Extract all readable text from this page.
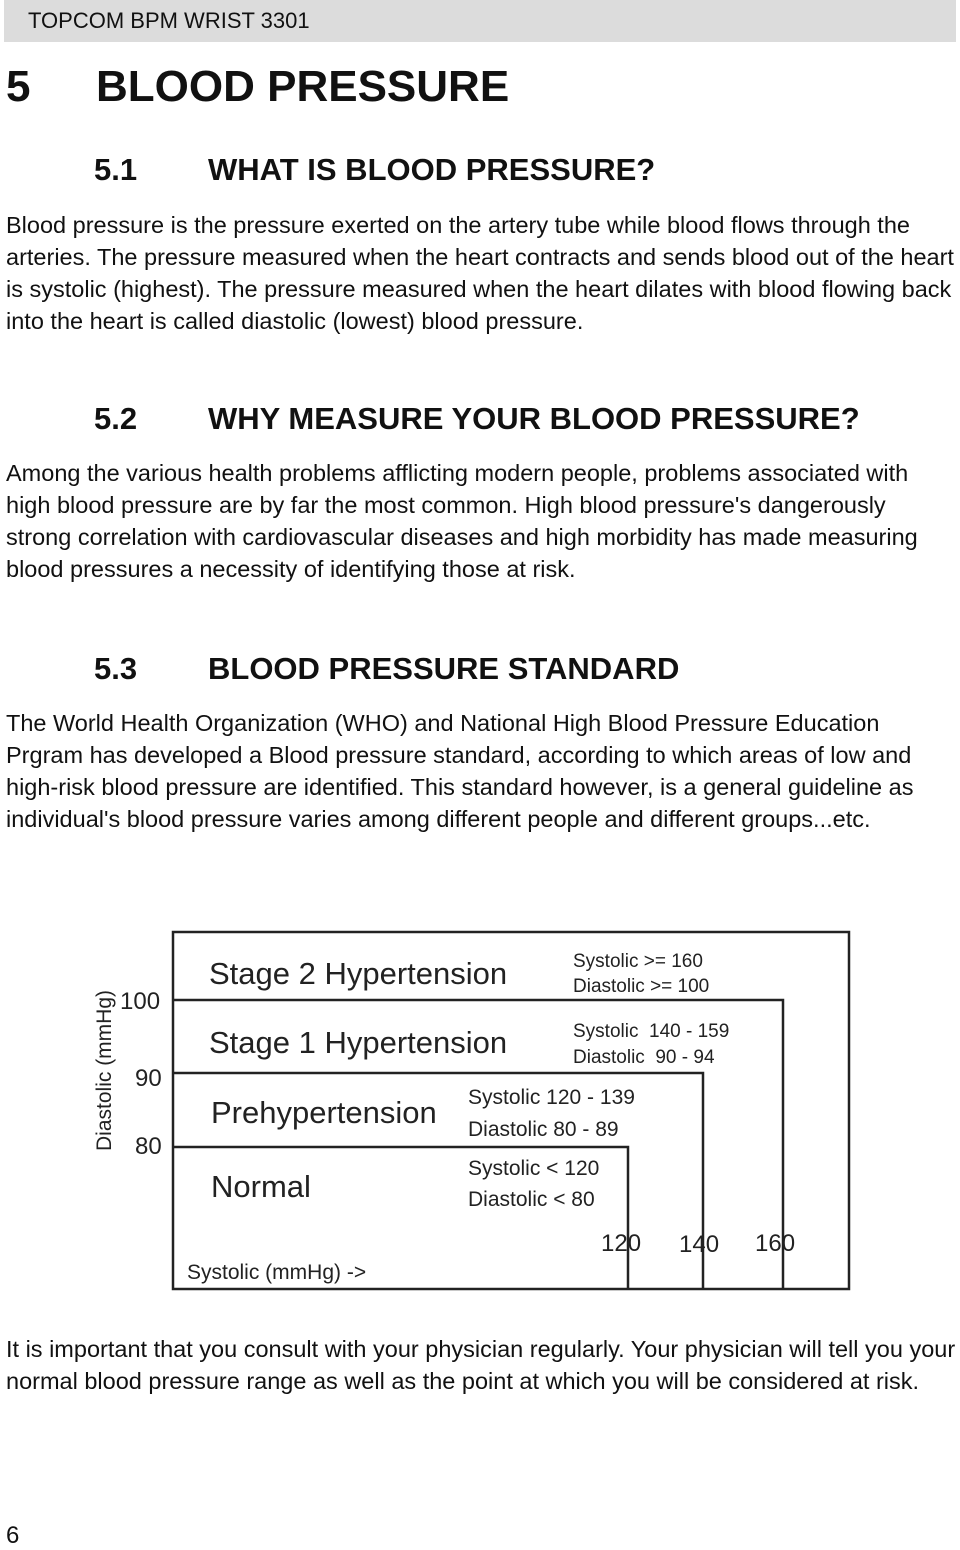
TOPCOM BPM WRIST 3301
5 BLOOD PRESSURE
5.1 WHAT IS BLOOD PRESSURE?

Blood pressure is the pressure exerted on the artery tube while blood flows through the arteries. The pressure measured when the heart contracts and sends blood out of the heart is systolic (highest). The pressure measured when the heart dilates with blood flowing back into the heart is called diastolic (lowest) blood pressure.

5.2 WHY MEASURE YOUR BLOOD PRESSURE?

Among the various health problems afflicting modern people, problems associated with high blood pressure are by far the most common. High blood pressure's dangerously strong correlation with cardiovascular diseases and high morbidity has made measuring blood pressures a necessity of identifying those at risk.

5.3 BLOOD PRESSURE STANDARD

The World Health Organization (WHO) and National High Blood Pressure Education Prgram has developed a Blood pressure standard, according to which areas of low and high-risk blood pressure are identified. This standard however, is a general guideline as individual's blood pressure varies among different people and different groups...etc.

Diastolic (mmHg) 100
90
80
120 140 160
Systolic (mmHg) ->
Stage 2 Hypertension
Stage 1 Hypertension
Prehypertension
Normal
Systolic >= 160
Diastolic >= 100
Systolic  140 - 159
Diastolic  90 - 94
Systolic 120 - 139
Diastolic 80 - 89
Systolic < 120
Diastolic < 80

It is important that you consult with your physician regularly. Your physician will tell you your normal blood pressure range as well as the point at which you will be considered at risk.

6
